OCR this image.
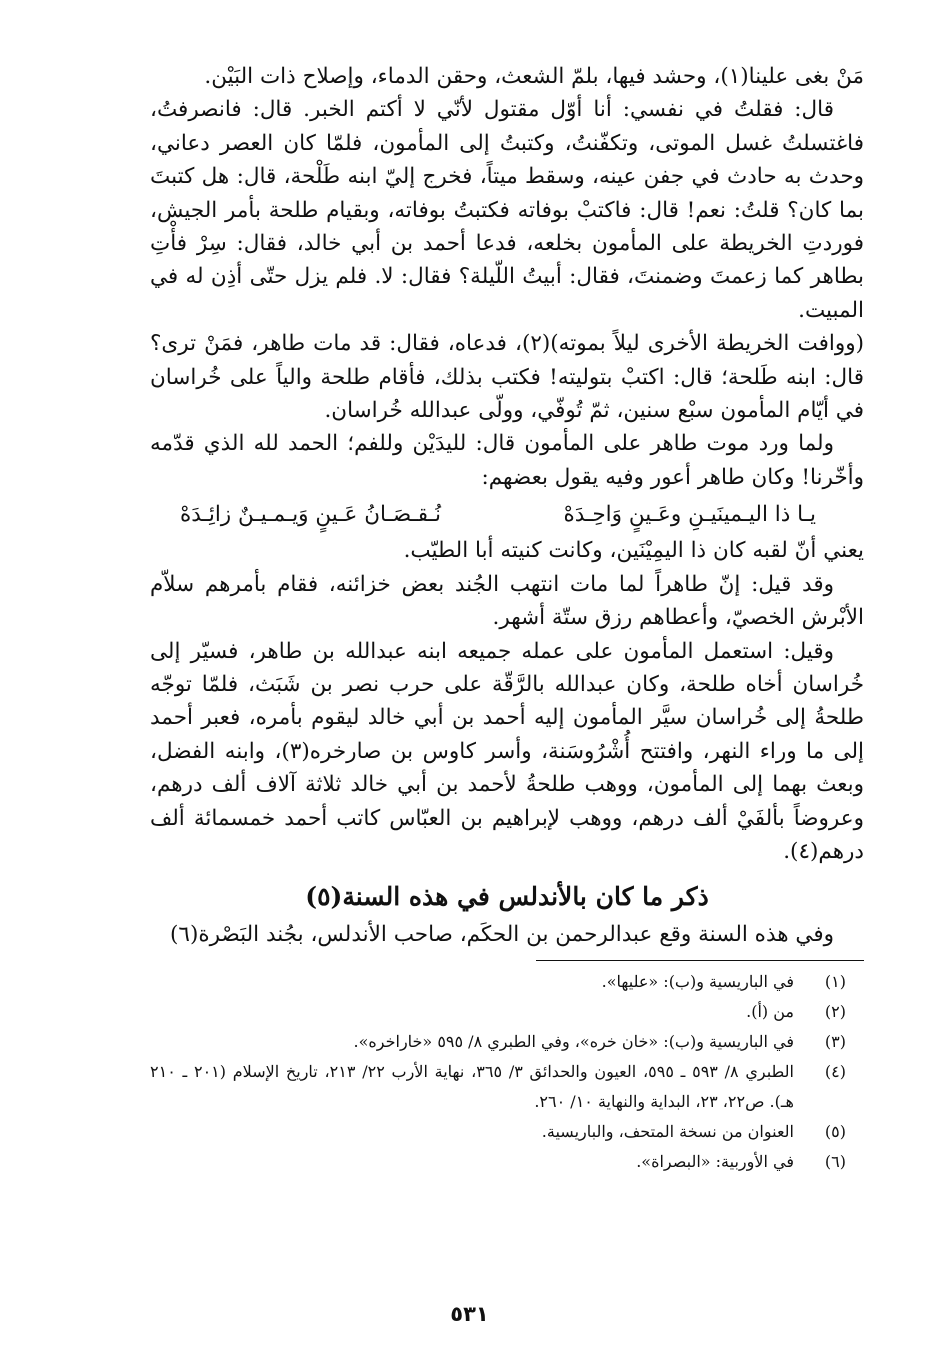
مَنْ بغى علينا(١)، وحشد فيها، بلمّ الشعث، وحقن الدماء، وإصلاح ذات البَيْن.

قال: فقلتُ في نفسي: أنا أوّل مقتول لأنّي لا أكتم الخبر. قال: فانصرفتُ، فاغتسلتُ غسل الموتى، وتكفّنتُ، وكتبتُ إلى المأمون، فلمّا كان العصر دعاني، وحدث به حادث في جفن عينه، وسقط ميتاً، فخرج إليّ ابنه طَلْحة، قال: هل كتبتَ بما كان؟ قلتُ: نعم! قال: فاكتبْ بوفاته فكتبتُ بوفاته، وبقيام طلحة بأمر الجيش، فوردتِ الخريطة على المأمون بخلعه، فدعا أحمد بن أبي خالد، فقال: سِرْ فأْتِ بطاهر كما زعمتَ وضمنتَ، فقال: أبيتُ اللّيلة؟ فقال: لا. فلم يزل حتّى أذِن له في المبيت.

(ووافت الخريطة الأخرى ليلاً بموته)(٢)، فدعاه، فقال: قد مات طاهر، فمَنْ ترى؟ قال: ابنه طَلحة؛ قال: اكتبْ بتوليته! فكتب بذلك، فأقام طلحة والياً على خُراسان في أيّام المأمون سبْع سنين، ثمّ تُوفّي، وولّى عبدالله خُراسان.

ولما ورد موت طاهر على المأمون قال: لليدَيْن وللفم؛ الحمد لله الذي قدّمه وأخّرنا! وكان طاهر أعور وفيه يقول بعضهم:

يـا ذا اليـمينَيـنِ وعَـينٍ وَاحِـدَهْ
نُـقـصَـانُ عَـينٍ وَيـمـيـنٌ زائِـدَهْ

يعني أنّ لقبه كان ذا اليمِيْنَين، وكانت كنيته أبا الطيّب.

وقد قيل: إنّ طاهراً لما مات انتهب الجُند بعض خزائنه، فقام بأمرهم سلاّم الأبْرش الخصيّ، وأعطاهم رزق ستّة أشهر.

وقيل: استعمل المأمون على عمله جميعه ابنه عبدالله بن طاهر، فسيّر إلى خُراسان أخاه طلحة، وكان عبدالله بالرَّقّة على حرب نصر بن شَبَث، فلمّا توجّه طلحةُ إلى خُراسان سيَّر المأمون إليه أحمد بن أبي خالد ليقوم بأمره، فعبر أحمد إلى ما وراء النهر، وافتتح أُشْرُوسَنة، وأسر كاوس بن صارخره(٣)، وابنه الفضل، وبعث بهما إلى المأمون، ووهب طلحةُ لأحمد بن أبي خالد ثلاثة آلاف ألف درهم، وعروضاً بألفَيْ ألف درهم، ووهب لإبراهيم بن العبّاس كاتب أحمد خمسمائة ألف درهم(٤).

ذكر ما كان بالأندلس في هذه السنة(٥)

وفي هذه السنة وقع عبدالرحمن بن الحكَم، صاحب الأندلس، بجُند البَصْرة(٦)

(١)
في الباريسية و(ب): «عليها».
(٢)
من (أ).
(٣)
في الباريسية و(ب): «خان خره»، وفي الطبري ٨/ ٥٩٥ «خاراخره».
(٤)
الطبري ٨/ ٥٩٣ ـ ٥٩٥، العيون والحدائق ٣/ ٣٦٥، نهاية الأرب ٢٢/ ٢١٣، تاريخ الإسلام (٢٠١ ـ ٢١٠ هـ). ص٢٢، ٢٣، البداية والنهاية ١٠/ ٢٦٠.
(٥)
العنوان من نسخة المتحف، والباريسية.
(٦)
في الأوربية: «البصراة».
٥٣١
